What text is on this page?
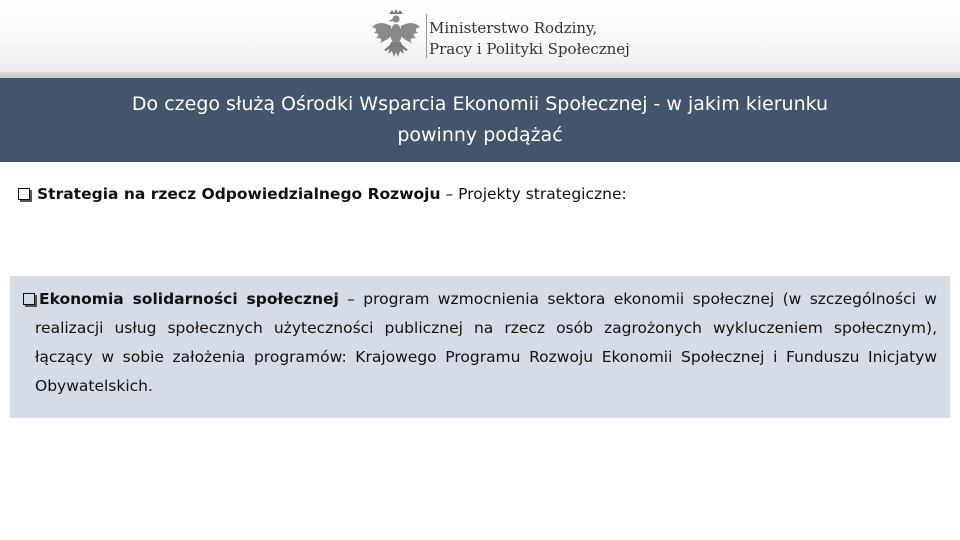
Ministerstwo Rodziny,
Pracy i Polityki Społecznej
Do czego służą Ośrodki Wsparcia Ekonomii Społecznej - w jakim kierunku
powinny podążać
Strategia na rzecz Odpowiedzialnego Rozwoju – Projekty strategiczne:

Ekonomia solidarności społecznej – program wzmocnienia sektora ekonomii społecznej (w szczególności w realizacji usług społecznych użyteczności publicznej na rzecz osób zagrożonych wykluczeniem społecznym), łączący w sobie założenia programów: Krajowego Programu Rozwoju Ekonomii Społecznej i Funduszu Inicjatyw Obywatelskich.
